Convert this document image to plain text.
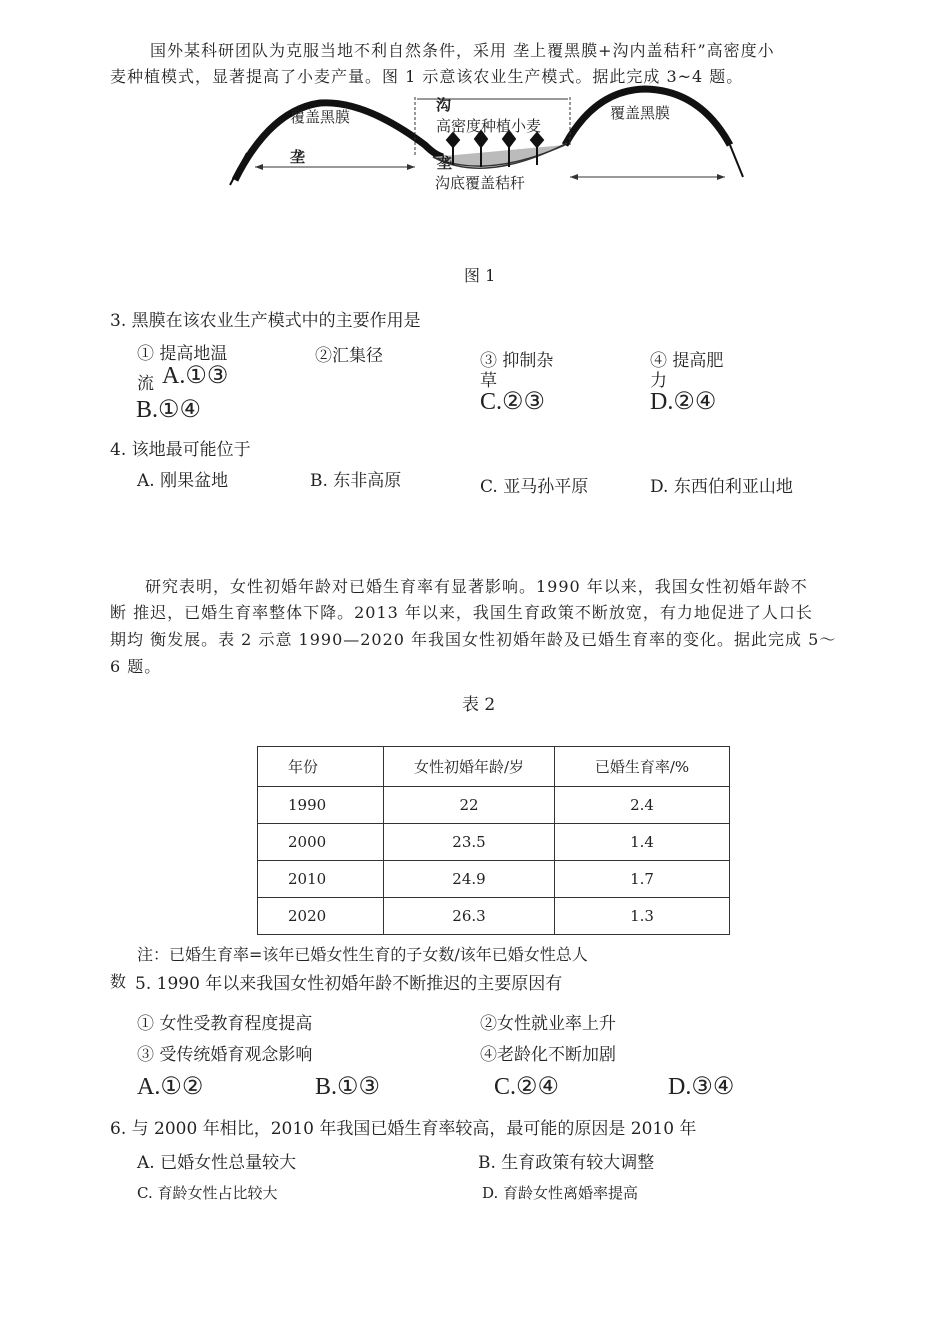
国外某科研团队为克服当地不利自然条件，采用 垄上覆黑膜+沟内盖秸秆”高密度小
麦种植模式，显著提高了小麦产量。图 1 示意该农业生产模式。据此完成 3~4 题。
覆盖黑膜	覆盖黑膜
垄
沟
高密度种植小麦
垄
沟底覆盖秸秆
图 1
3. 黑膜在该农业生产模式中的主要作用是
① 提高地温
流
②汇集径	③ 抑制杂
草
④ 提高肥
力
A.①③
B.①④	C.②③	D.②④
4. 该地最可能位于
A. 刚果盆地	B. 东非高原	C. 亚马孙平原	D. 东西伯利亚山地
研究表明，女性初婚年龄对已婚生育率有显著影响。1990 年以来，我国女性初婚年龄不
断 推迟，已婚生育率整体下降。2013 年以来，我国生育政策不断放宽，有力地促进了人口长
期均 衡发展。表 2 示意 1990—2020 年我国女性初婚年龄及已婚生育率的变化。据此完成 5～
6 题。
表 2
年份	女性初婚年龄/岁	已婚生育率/%
1990	22	2.4
2000	23.5	1.4
2010	24.9	1.7
2020	26.3	1.3
注：已婚生育率=该年已婚女性生育的子女数/该年已婚女性总人
数 5. 1990 年以来我国女性初婚年龄不断推迟的主要原因有
① 女性受教育程度提高	②女性就业率上升
③ 受传统婚育观念影响	④老龄化不断加剧
A.①②	B.①③	C.②④	D.③④
6. 与 2000 年相比，2010 年我国已婚生育率较高，最可能的原因是 2010 年
A. 已婚女性总量较大	B. 生育政策有较大调整
C. 育龄女性占比较大	D. 育龄女性离婚率提高
